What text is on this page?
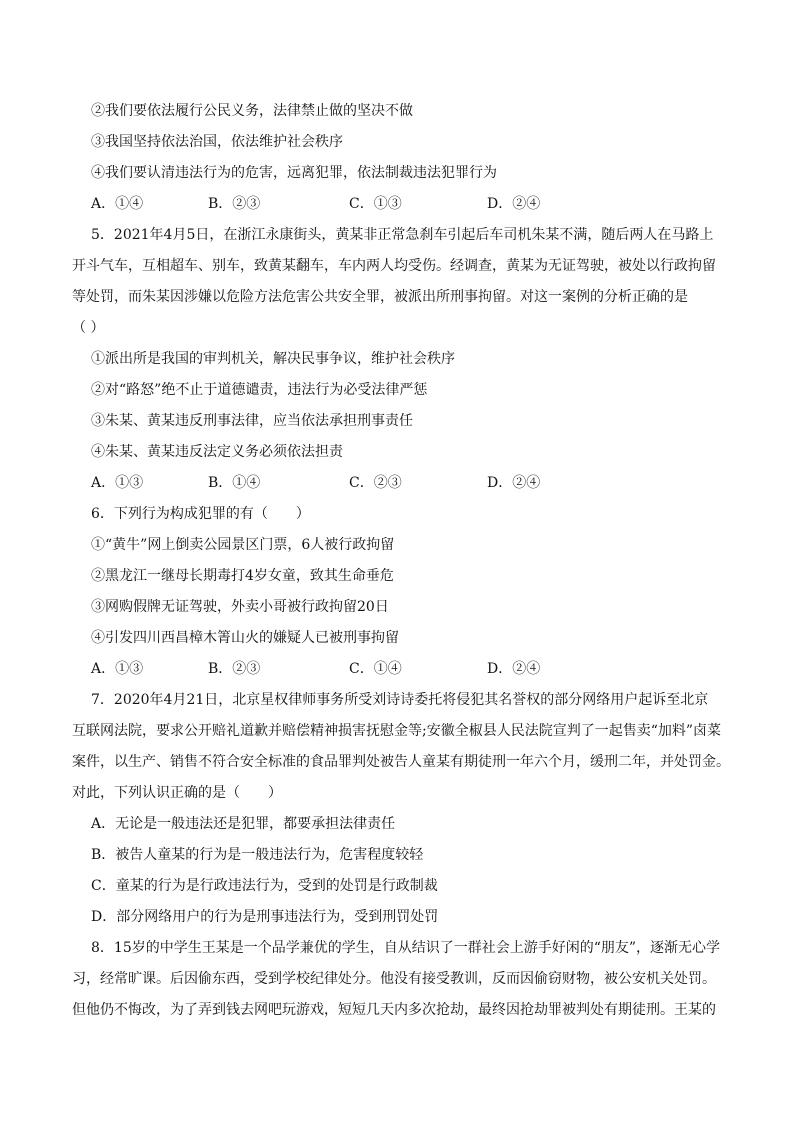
②我们要依法履行公民义务，法律禁止做的坚决不做
③我国坚持依法治国，依法维护社会秩序
④我们要认清违法行为的危害，远离犯罪，依法制裁违法犯罪行为
A．①④	B．②③	C．①③	D．②④
5．2021年4月5日，在浙江永康街头，黄某非正常急刹车引起后车司机朱某不满，随后两人在马路上
开斗气车，互相超车、别车，致黄某翻车，车内两人均受伤。经调查，黄某为无证驾驶，被处以行政拘留
等处罚，而朱某因涉嫌以危险方法危害公共安全罪，被派出所刑事拘留。对这一案例的分析正确的是
（ ）
①派出所是我国的审判机关，解决民事争议，维护社会秩序
②对“路怒”绝不止于道德谴责，违法行为必受法律严惩
③朱某、黄某违反刑事法律，应当依法承担刑事责任
④朱某、黄某违反法定义务必须依法担责
A．①③	B．①④	C．②③	D．②④
6．下列行为构成犯罪的有（　　）
①“黄牛”网上倒卖公园景区门票，6人被行政拘留
②黑龙江一继母长期毒打4岁女童，致其生命垂危
③网购假牌无证驾驶，外卖小哥被行政拘留20日
④引发四川西昌樟木箐山火的嫌疑人已被刑事拘留
A．①③	B．②③	C．①④	D．②④
7．2020年4月21日，北京星权律师事务所受刘诗诗委托将侵犯其名誉权的部分网络用户起诉至北京
互联网法院，要求公开赔礼道歉并赔偿精神损害抚慰金等;安徽全椒县人民法院宣判了一起售卖“加料”卤菜
案件，以生产、销售不符合安全标准的食品罪判处被告人童某有期徒刑一年六个月，缓刑二年，并处罚金。
对此，下列认识正确的是（　　）
A．无论是一般违法还是犯罪，都要承担法律责任
B．被告人童某的行为是一般违法行为，危害程度较轻
C．童某的行为是行政违法行为，受到的处罚是行政制裁
D．部分网络用户的行为是刑事违法行为，受到刑罚处罚
8．15岁的中学生王某是一个品学兼优的学生，自从结识了一群社会上游手好闲的“朋友”，逐渐无心学
习，经常旷课。后因偷东西，受到学校纪律处分。他没有接受教训，反而因偷窃财物，被公安机关处罚。
但他仍不悔改，为了弄到钱去网吧玩游戏，短短几天内多次抢劫，最终因抢劫罪被判处有期徒刑。王某的
